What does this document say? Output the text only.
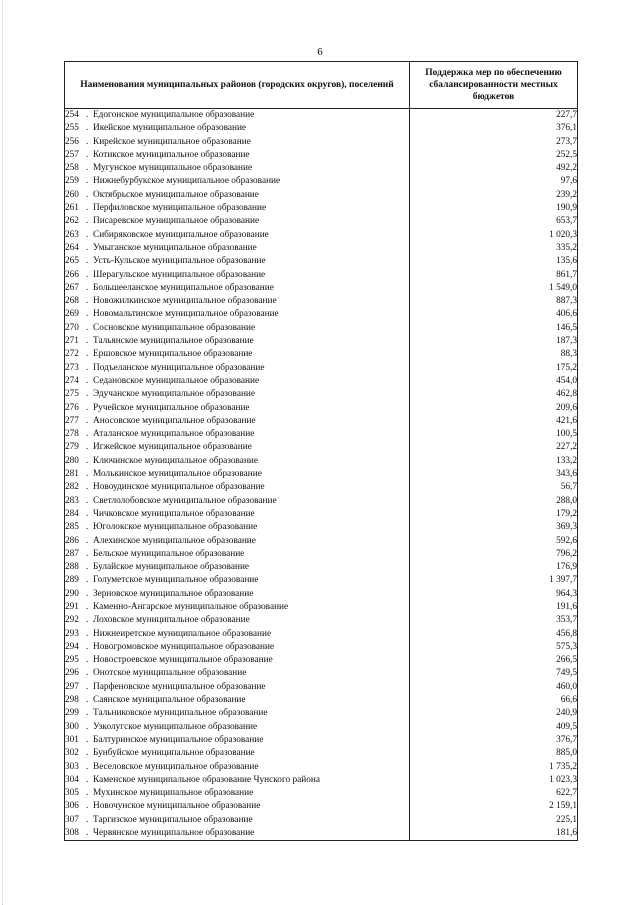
6
Наименования муниципальных районов (городских округов), поселений	Поддержка мер по обеспечению сбалансированности местных бюджетов
254 . Едогонское муниципальное образование	227,7
255 . Икейское муниципальное образование	376,1
256 . Кирейское муниципальное образование	273,7
257 . Котикское муниципальное образование	252,5
258 . Мугунское муниципальное образование	492,2
259 . Нижнебурбукское муниципальное образование	97,6
260 . Октябрьское муниципальное образование	239,2
261 . Перфиловское муниципальное образование	190,9
262 . Писаревское муниципальное образование	653,7
263 . Сибиряковское муниципальное образование	1 020,3
264 . Умыганское муниципальное образование	335,2
265 . Усть-Кульское муниципальное образование	135,6
266 . Шерагульское муниципальное образование	861,7
267 . Большееланское муниципальное образование	1 549,0
268 . Новожилкинское муниципальное образование	887,3
269 . Новомальтинское муниципальное образование	406,6
270 . Сосновское муниципальное образование	146,5
271 . Тальянское муниципальное образование	187,3
272 . Ершовское муниципальное образование	88,3
273 . Подъеланское муниципальное образование	175,2
274 . Седановское муниципальное образование	454,0
275 . Эдучанское муниципальное образование	462,8
276 . Ручейское муниципальное образование	209,6
277 . Аносовское муниципальное образование	421,6
278 . Аталанское муниципальное образование	100,5
279 . Игжейское муниципальное образование	227,2
280 . Ключинское муниципальное образование	133,2
281 . Молькинское муниципальное образование	343,6
282 . Новоудинское муниципальное образование	56,7
283 . Светлолобовское муниципальное образование	288,0
284 . Чичковское муниципальное образование	179,2
285 . Юголокское муниципальное образование	369,3
286 . Алехинское муниципальное образование	592,6
287 . Бельское муниципальное образование	796,2
288 . Булайское муниципальное образование	176,9
289 . Голуметское муниципальное образование	1 397,7
290 . Зерновское муниципальное образование	964,3
291 . Каменно-Ангарское муниципальное образование	191,6
292 . Лоховское муниципальное образование	353,7
293 . Нижнеиретское муниципальное образование	456,8
294 . Новогромовское муниципальное образование	575,3
295 . Новостроевское муниципальное образование	266,5
296 . Онотское муниципальное образование	749,5
297 . Парфеновское муниципальное образование	460,0
298 . Саянское муниципальное образование	66,6
299 . Тальниковское муниципальное образование	240,9
300 . Узколугское муниципальное образование	409,5
301 . Балтуринское муниципальное образование	376,7
302 . Бунбуйское муниципальное образование	885,0
303 . Веселовское муниципальное образование	1 735,2
304 . Каменское муниципальное образование Чунского района	1 023,3
305 . Мухинское муниципальное образование	622,7
306 . Новочунское муниципальное образование	2 159,1
307 . Таргизское муниципальное образование	225,1
308 . Червянское муниципальное образование	181,6
